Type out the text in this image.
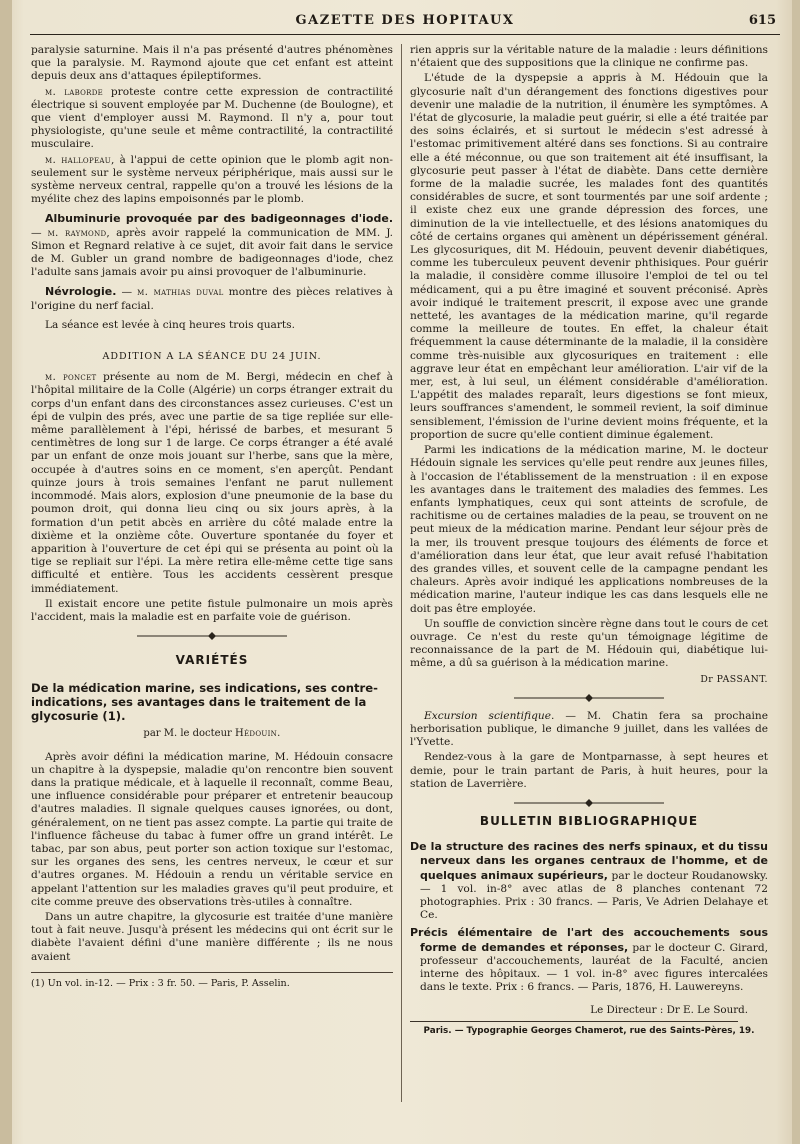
GAZETTE DES HOPITAUX	615

paralysie saturnine. Mais il n'a pas présenté d'autres phénomènes que la paralysie. M. Raymond ajoute que cet enfant est atteint depuis deux ans d'attaques épileptiformes.

m. laborde proteste contre cette expression de contractilité électrique si souvent employée par M. Duchenne (de Boulogne), et que vient d'employer aussi M. Raymond. Il n'y a, pour tout physiologiste, qu'une seule et même contractilité, la contractilité musculaire.

m. hallopeau, à l'appui de cette opinion que le plomb agit non-seulement sur le système nerveux périphérique, mais aussi sur le système nerveux central, rappelle qu'on a trouvé les lésions de la myélite chez des lapins empoisonnés par le plomb.

Albuminurie provoquée par des badigeonnages d'iode. — m. raymond, après avoir rappelé la communication de MM. J. Simon et Regnard relative à ce sujet, dit avoir fait dans le service de M. Gubler un grand nombre de badigeonnages d'iode, chez l'adulte sans jamais avoir pu ainsi provoquer de l'albuminurie.

Névrologie. — m. mathias duval montre des pièces relatives à l'origine du nerf facial.

La séance est levée à cinq heures trois quarts.

ADDITION A LA SÉANCE DU 24 JUIN.

m. poncet présente au nom de M. Bergi, médecin en chef à l'hôpital militaire de la Colle (Algérie) un corps étranger extrait du corps d'un enfant dans des circonstances assez curieuses. C'est un épi de vulpin des prés, avec une partie de sa tige repliée sur elle-même parallèlement à l'épi, hérissé de barbes, et mesurant 5 centimètres de long sur 1 de large. Ce corps étranger a été avalé par un enfant de onze mois jouant sur l'herbe, sans que la mère, occupée à d'autres soins en ce moment, s'en aperçût. Pendant quinze jours à trois semaines l'enfant ne parut nullement incommodé. Mais alors, explosion d'une pneumonie de la base du poumon droit, qui donna lieu cinq ou six jours après, à la formation d'un petit abcès en arrière du côté malade entre la dixième et la onzième côte. Ouverture spontanée du foyer et apparition à l'ouverture de cet épi qui se présenta au point où la tige se repliait sur l'épi. La mère retira elle-même cette tige sans difficulté et entière. Tous les accidents cessèrent presque immédiatement.

Il existait encore une petite fistule pulmonaire un mois après l'accident, mais la maladie est en parfaite voie de guérison.

VARIÉTÉS

De la médication marine, ses indications, ses contre-indications, ses avantages dans le traitement de la glycosurie (1).

par M. le docteur Hédouin.

Après avoir défini la médication marine, M. Hédouin consacre un chapitre à la dyspepsie, maladie qu'on rencontre bien souvent dans la pratique médicale, et à laquelle il reconnaît, comme Beau, une influence considérable pour préparer et entretenir beaucoup d'autres maladies. Il signale quelques causes ignorées, ou dont, généralement, on ne tient pas assez compte. La partie qui traite de l'influence fâcheuse du tabac à fumer offre un grand intérêt. Le tabac, par son abus, peut porter son action toxique sur l'estomac, sur les organes des sens, les centres nerveux, le cœur et sur d'autres organes. M. Hédouin a rendu un véritable service en appelant l'attention sur les maladies graves qu'il peut produire, et cite comme preuve des observations très-utiles à connaître.

Dans un autre chapitre, la glycosurie est traitée d'une manière tout à fait neuve. Jusqu'à présent les médecins qui ont écrit sur le diabète l'avaient défini d'une manière différente ; ils ne nous avaient

(1) Un vol. in-12. — Prix : 3 fr. 50. — Paris, P. Asselin.

rien appris sur la véritable nature de la maladie : leurs définitions n'étaient que des suppositions que la clinique ne confirme pas.

L'étude de la dyspepsie a appris à M. Hédouin que la glycosurie naît d'un dérangement des fonctions digestives pour devenir une maladie de la nutrition, il énumère les symptômes. A l'état de glycosurie, la maladie peut guérir, si elle a été traitée par des soins éclairés, et si surtout le médecin s'est adressé à l'estomac primitivement altéré dans ses fonctions. Si au contraire elle a été méconnue, ou que son traitement ait été insuffisant, la glycosurie peut passer à l'état de diabète. Dans cette dernière forme de la maladie sucrée, les malades font des quantités considérables de sucre, et sont tourmentés par une soif ardente ; il existe chez eux une grande dépression des forces, une diminution de la vie intellectuelle, et des lésions anatomiques du côté de certains organes qui amènent un dépérissement général. Les glycosuriques, dit M. Hédouin, peuvent devenir diabétiques, comme les tuberculeux peuvent devenir phthisiques. Pour guérir la maladie, il considère comme illusoire l'emploi de tel ou tel médicament, qui a pu être imaginé et souvent préconisé. Après avoir indiqué le traitement prescrit, il expose avec une grande netteté, les avantages de la médication marine, qu'il regarde comme la meilleure de toutes. En effet, la chaleur était fréquemment la cause déterminante de la maladie, il la considère comme très-nuisible aux glycosuriques en traitement : elle aggrave leur état en empêchant leur amélioration. L'air vif de la mer, est, à lui seul, un élément considérable d'amélioration. L'appétit des malades reparaît, leurs digestions se font mieux, leurs souffrances s'amendent, le sommeil revient, la soif diminue sensiblement, l'émission de l'urine devient moins fréquente, et la proportion de sucre qu'elle contient diminue également.

Parmi les indications de la médication marine, M. le docteur Hédouin signale les services qu'elle peut rendre aux jeunes filles, à l'occasion de l'établissement de la menstruation : il en expose les avantages dans le traitement des maladies des femmes. Les enfants lymphatiques, ceux qui sont atteints de scrofule, de rachitisme ou de certaines maladies de la peau, se trouvent on ne peut mieux de la médication marine. Pendant leur séjour près de la mer, ils trouvent presque toujours des éléments de force et d'amélioration dans leur état, que leur avait refusé l'habitation des grandes villes, et souvent celle de la campagne pendant les chaleurs. Après avoir indiqué les applications nombreuses de la médication marine, l'auteur indique les cas dans lesquels elle ne doit pas être employée.

Un souffle de conviction sincère règne dans tout le cours de cet ouvrage. Ce n'est du reste qu'un témoignage légitime de reconnaissance de la part de M. Hédouin qui, diabétique lui-même, a dû sa guérison à la médication marine.

Dr PASSANT.

Excursion scientifique. — M. Chatin fera sa prochaine herborisation publique, le dimanche 9 juillet, dans les vallées de l'Yvette.

Rendez-vous à la gare de Montparnasse, à sept heures et demie, pour le train partant de Paris, à huit heures, pour la station de Laverrière.

BULLETIN BIBLIOGRAPHIQUE

De la structure des racines des nerfs spinaux, et du tissu nerveux dans les organes centraux de l'homme, et de quelques animaux supérieurs, par le docteur Roudanowsky. — 1 vol. in-8° avec atlas de 8 planches contenant 72 photographies. Prix : 30 francs. — Paris, Ve Adrien Delahaye et Ce.

Précis élémentaire de l'art des accouchements sous forme de demandes et réponses, par le docteur C. Girard, professeur d'accouchements, lauréat de la Faculté, ancien interne des hôpitaux. — 1 vol. in-8° avec figures intercalées dans le texte. Prix : 6 francs. — Paris, 1876, H. Lauwereyns.

Le Directeur : Dr E. Le Sourd.

Paris. — Typographie Georges Chamerot, rue des Saints-Pères, 19.
